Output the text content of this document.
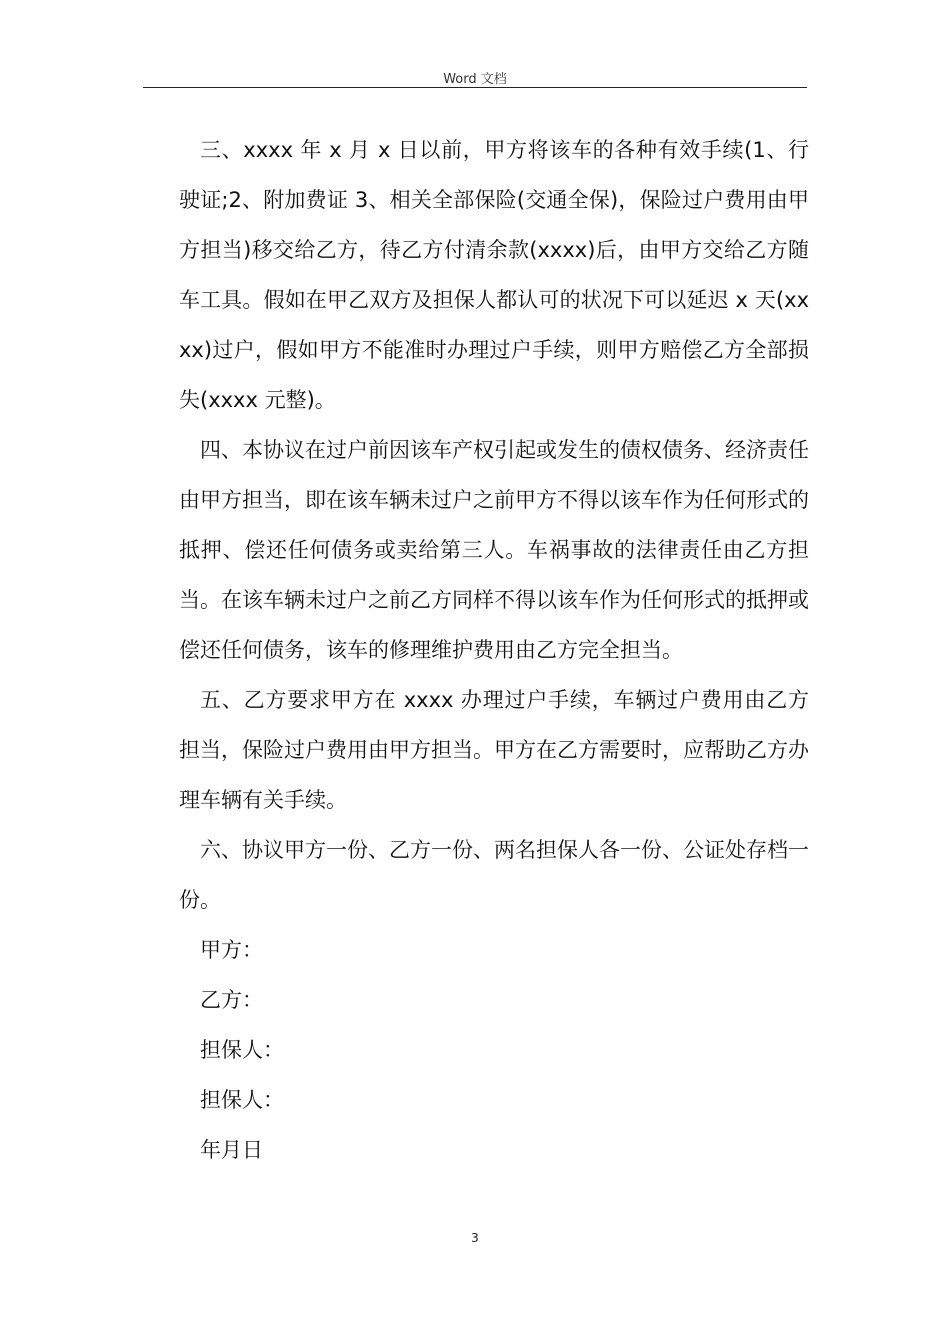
Word 文档

三、xxxx 年 x 月 x 日以前，甲方将该车的各种有效手续(1、行驶证;2、附加费证 3、相关全部保险(交通全保)，保险过户费用由甲方担当)移交给乙方，待乙方付清余款(xxxx)后，由甲方交给乙方随车工具。假如在甲乙双方及担保人都认可的状况下可以延迟 x 天(xxxx)过户，假如甲方不能准时办理过户手续，则甲方赔偿乙方全部损失(xxxx 元整)。

四、本协议在过户前因该车产权引起或发生的债权债务、经济责任由甲方担当，即在该车辆未过户之前甲方不得以该车作为任何形式的抵押、偿还任何债务或卖给第三人。车祸事故的法律责任由乙方担当。在该车辆未过户之前乙方同样不得以该车作为任何形式的抵押或偿还任何债务，该车的修理维护费用由乙方完全担当。

五、乙方要求甲方在 xxxx 办理过户手续，车辆过户费用由乙方担当，保险过户费用由甲方担当。甲方在乙方需要时，应帮助乙方办理车辆有关手续。

六、协议甲方一份、乙方一份、两名担保人各一份、公证处存档一份。

甲方：

乙方：

担保人：

担保人：

年月日

3
